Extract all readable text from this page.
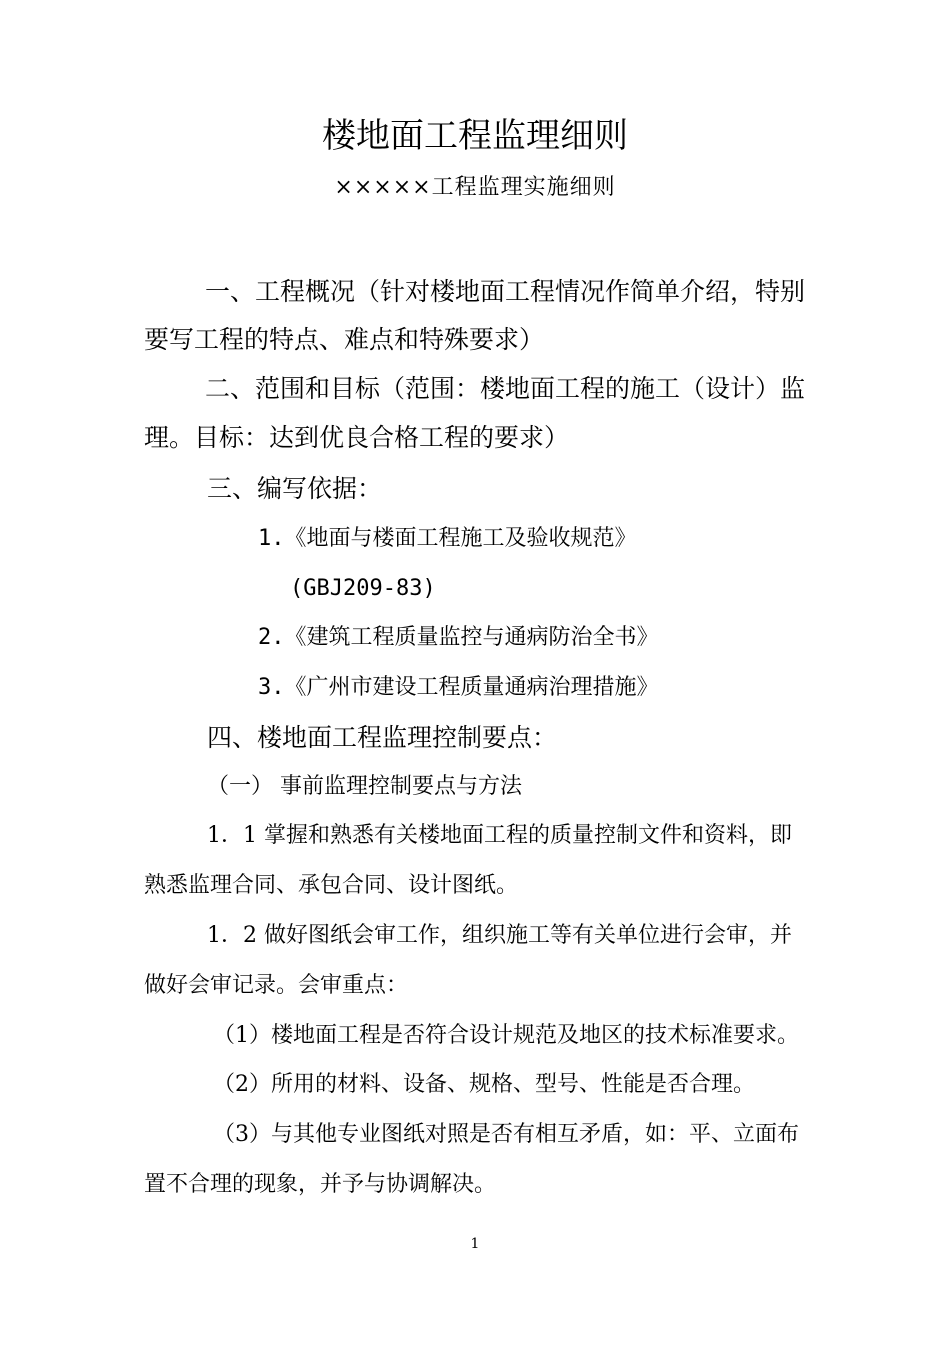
楼地面工程监理细则
×××××工程监理实施细则
一、工程概况（针对楼地面工程情况作简单介绍，特别
要写工程的特点、难点和特殊要求）
二、范围和目标（范围：楼地面工程的施工（设计）监
理。目标：达到优良合格工程的要求）
三、编写依据：
1.《地面与楼面工程施工及验收规范》
(GBJ209-83)
2.《建筑工程质量监控与通病防治全书》
3.《广州市建设工程质量通病治理措施》
四、楼地面工程监理控制要点：
（一） 事前监理控制要点与方法
1．1 掌握和熟悉有关楼地面工程的质量控制文件和资料，即
熟悉监理合同、承包合同、设计图纸。
1．2 做好图纸会审工作，组织施工等有关单位进行会审，并
做好会审记录。会审重点：
（1）楼地面工程是否符合设计规范及地区的技术标准要求。
（2）所用的材料、设备、规格、型号、性能是否合理。
（3）与其他专业图纸对照是否有相互矛盾，如：平、立面布
置不合理的现象，并予与协调解决。
1
